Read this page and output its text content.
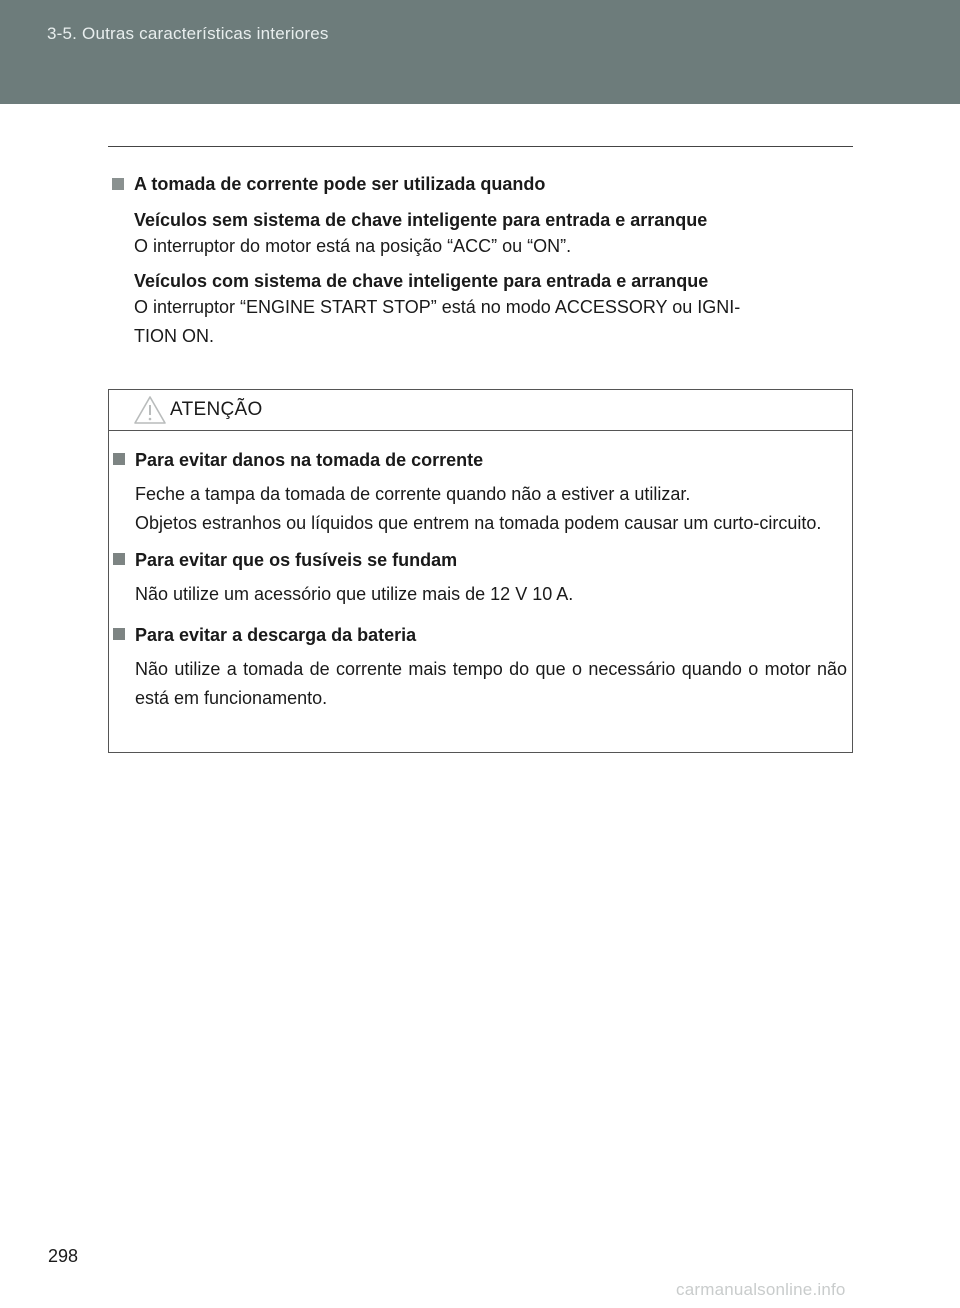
3-5. Outras características interiores
A tomada de corrente pode ser utilizada quando
Veículos sem sistema de chave inteligente para entrada e arranque
O interruptor do motor está na posição “ACC” ou “ON”.
Veículos com sistema de chave inteligente para entrada e arranque
O interruptor “ENGINE START STOP” está no modo ACCESSORY ou IGNI-
TION ON.
ATENÇÃO
Para evitar danos na tomada de corrente
Feche a tampa da tomada de corrente quando não a estiver a utilizar.
Objetos estranhos ou líquidos que entrem na tomada podem causar um curto-circuito.
Para evitar que os fusíveis se fundam
Não utilize um acessório que utilize mais de 12 V 10 A.
Para evitar a descarga da bateria
Não utilize a tomada de corrente mais tempo do que o necessário quando o motor não está em funcionamento.
298
carmanualsonline.info
